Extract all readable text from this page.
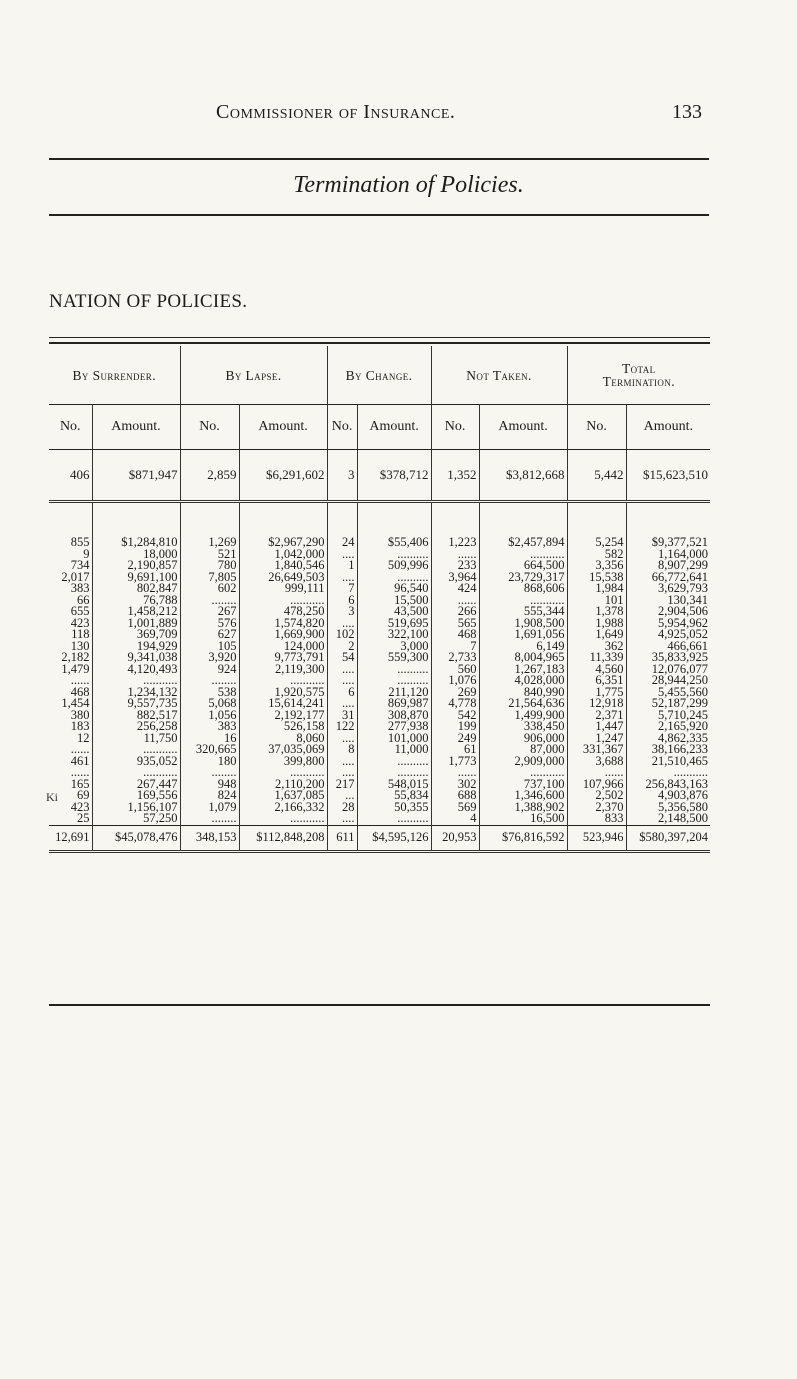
Commissioner of Insurance.	133
Termination of Policies.
NATION OF POLICIES.
Ki
By Surrender.		By Lapse.		By Change.		Not Taken.		Total Termination.	
No.	Amount.	No.	Amount.	No.	Amount.	No.	Amount.	No.	Amount.
406	$871,947	2,859	$6,291,602	3	$378,712	1,352	$3,812,668	5,442	$15,623,510

855	$1,284,810	1,269	$2,967,290	24	$55,406	1,223	$2,457,894	5,254	$9,377,521
9	18,000	521	1,042,000	....	..........	......	...........	582	1,164,000
734	2,190,857	780	1,840,546	1	509,996	233	664,500	3,356	8,907,299
2,017	9,691,100	7,805	26,649,503	....	..........	3,964	23,729,317	15,538	66,772,641
383	802,847	602	999,111	7	96,540	424	868,606	1,984	3,629,793
66	76,788	........	...........	6	15,500	......	...........	101	130,341
655	1,458,212	267	478,250	3	43,500	266	555,344	1,378	2,904,506
423	1,001,889	576	1,574,820	....	519,695	565	1,908,500	1,988	5,954,962
118	369,709	627	1,669,900	102	322,100	468	1,691,056	1,649	4,925,052
130	194,929	105	124,000	2	3,000	7	6,149	362	466,661
2,182	9,341,038	3,920	9,773,791	54	559,300	2,733	8,004,965	11,339	35,833,925
1,479	4,120,493	924	2,119,300	....	..........	560	1,267,183	4,560	12,076,077
......	...........	........	...........	....	..........	1,076	4,028,000	6,351	28,944,250
468	1,234,132	538	1,920,575	6	211,120	269	840,990	1,775	5,455,560
1,454	9,557,735	5,068	15,614,241	....	869,987	4,778	21,564,636	12,918	52,187,299
380	882,517	1,056	2,192,177	31	308,870	542	1,499,900	2,371	5,710,245
183	256,258	383	526,158	122	277,938	199	338,450	1,447	2,165,920
12	11,750	16	8,060	....	101,000	249	906,000	1,247	4,862,335
......	...........	320,665	37,035,069	8	11,000	61	87,000	331,367	38,166,233
461	935,052	180	399,800	....	..........	1,773	2,909,000	3,688	21,510,465
......	...........	........	...........	....	..........	......	...........	......	...........
165	267,447	948	2,110,200	217	548,015	302	737,100	107,966	256,843,163
69	169,556	824	1,637,085	...	55,834	688	1,346,600	2,502	4,903,876
423	1,156,107	1,079	2,166,332	28	50,355	569	1,388,902	2,370	5,356,580
25	57,250	........	...........	....	..........	4	16,500	833	2,148,500
12,691	$45,078,476	348,153	$112,848,208	611	$4,595,126	20,953	$76,816,592	523,946	$580,397,204
